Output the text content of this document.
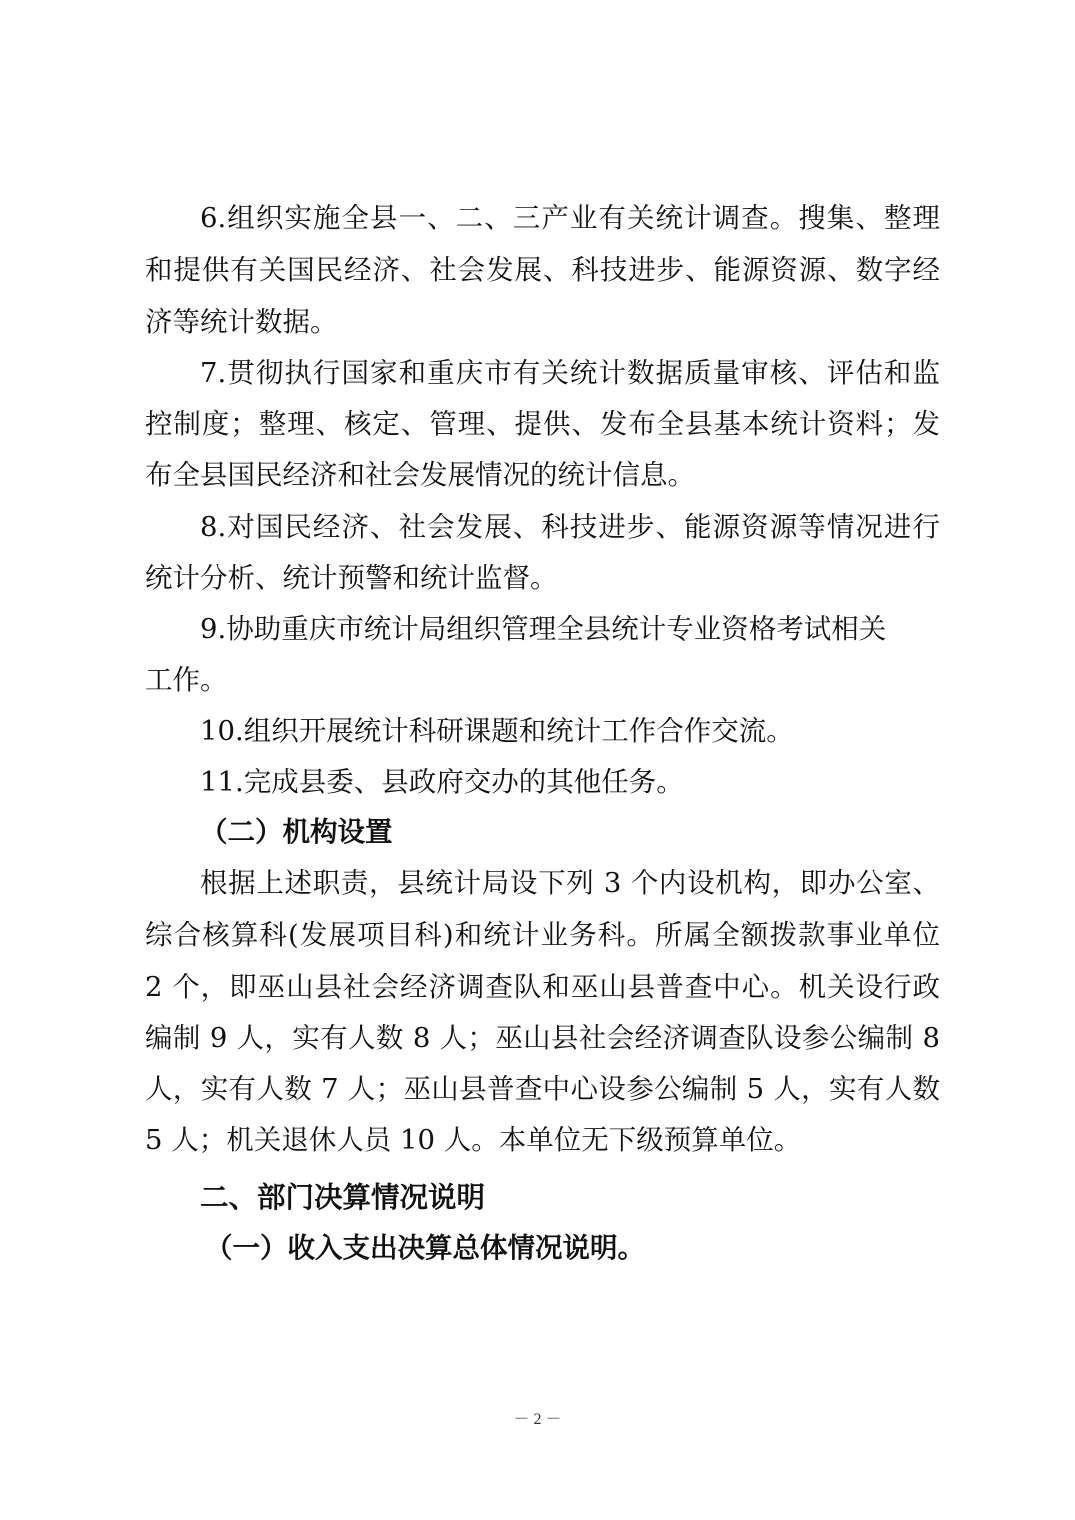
6.组织实施全县一、二、三产业有关统计调查。搜集、整理
和提供有关国民经济、社会发展、科技进步、能源资源、数字经
济等统计数据。
7.贯彻执行国家和重庆市有关统计数据质量审核、评估和监
控制度；整理、核定、管理、提供、发布全县基本统计资料；发
布全县国民经济和社会发展情况的统计信息。
8.对国民经济、社会发展、科技进步、能源资源等情况进行
统计分析、统计预警和统计监督。
9.协助重庆市统计局组织管理全县统计专业资格考试相关
工作。
10.组织开展统计科研课题和统计工作合作交流。
11.完成县委、县政府交办的其他任务。
（二）机构设置
根据上述职责，县统计局设下列 3 个内设机构，即办公室、
综合核算科(发展项目科)和统计业务科。所属全额拨款事业单位
2 个，即巫山县社会经济调查队和巫山县普查中心。机关设行政
编制 9 人，实有人数 8 人；巫山县社会经济调查队设参公编制 8
人，实有人数 7 人；巫山县普查中心设参公编制 5 人，实有人数
5 人；机关退休人员 10 人。本单位无下级预算单位。
二、部门决算情况说明
（一）收入支出决算总体情况说明。
－ 2 －
